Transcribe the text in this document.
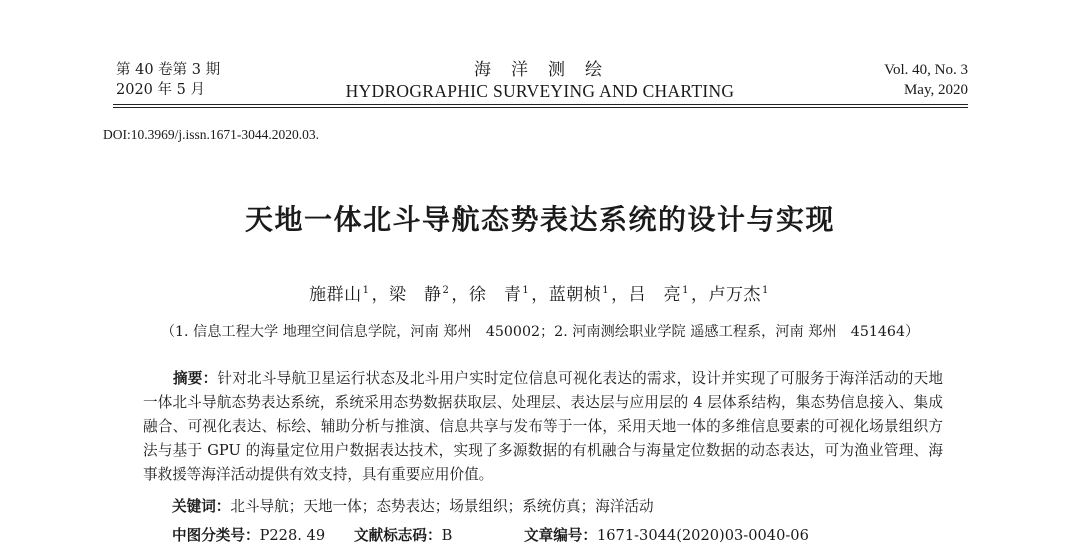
第 40 卷第 3 期
2020 年 5 月
海洋测绘
HYDROGRAPHIC SURVEYING AND CHARTING
Vol. 40, No. 3
May, 2020
DOI:10.3969/j.issn.1671-3044.2020.03.
天地一体北斗导航态势表达系统的设计与实现
施群山$^1$ ，梁　静$^2$ ，徐　青$^1$ ，蓝朝桢$^1$ ，吕　亮$^1$ ，卢万杰$^1$
（1. 信息工程大学 地理空间信息学院，河南 郑州　450002；2. 河南测绘职业学院 遥感工程系，河南 郑州　451464）
摘要：针对北斗导航卫星运行状态及北斗用户实时定位信息可视化表达的需求，设计并实现了可服务于海洋活动的天地一体北斗导航态势表达系统，系统采用态势数据获取层、处理层、表达层与应用层的 4 层体系结构，集态势信息接入、集成融合、可视化表达、标绘、辅助分析与推演、信息共享与发布等于一体，采用天地一体的多维信息要素的可视化场景组织方法与基于 GPU 的海量定位用户数据表达技术，实现了多源数据的有机融合与海量定位数据的动态表达，可为渔业管理、海事救援等海洋活动提供有效支持，具有重要应用价值。
关键词：北斗导航；天地一体；态势表达；场景组织；系统仿真；海洋活动
中图分类号：P228. 49 文献标志码：B	文章编号：1671-3044(2020)03-0040-06
